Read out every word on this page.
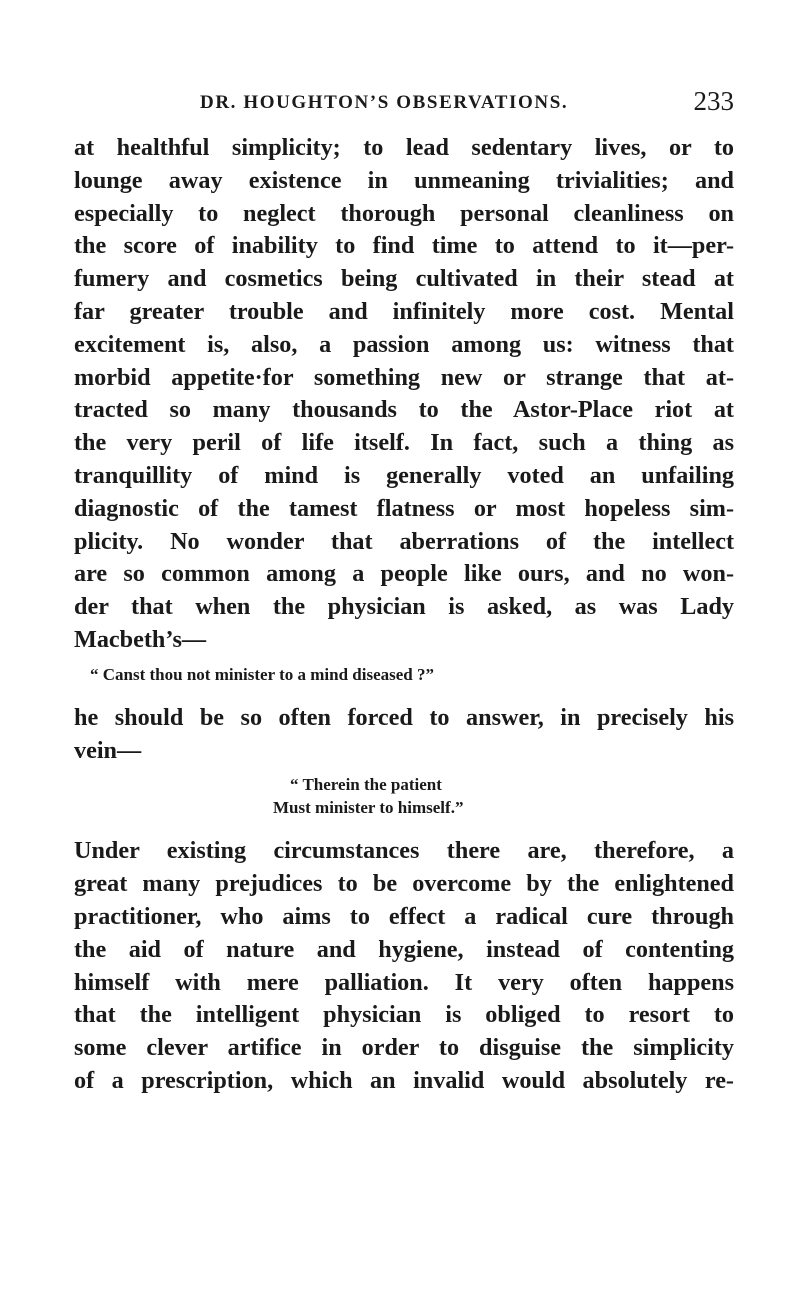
DR. HOUGHTON’S OBSERVATIONS.	233
at healthful simplicity; to lead sedentary lives, or to
lounge away existence in unmeaning trivialities; and
especially to neglect thorough personal cleanliness on
the score of inability to find time to attend to it—per-
fumery and cosmetics being cultivated in their stead at
far greater trouble and infinitely more cost. Mental
excitement is, also, a passion among us: witness that
morbid appetite·for something new or strange that at-
tracted so many thousands to the Astor-Place riot at
the very peril of life itself. In fact, such a thing as
tranquillity of mind is generally voted an unfailing
diagnostic of the tamest flatness or most hopeless sim-
plicity. No wonder that aberrations of the intellect
are so common among a people like ours, and no won-
der that when the physician is asked, as was Lady
Macbeth’s—
“ Canst thou not minister to a mind diseased ?”
he should be so often forced to answer, in precisely his
vein—
“ Therein the patient
Must minister to himself.”
Under existing circumstances there are, therefore, a
great many prejudices to be overcome by the enlightened
practitioner, who aims to effect a radical cure through
the aid of nature and hygiene, instead of contenting
himself with mere palliation. It very often happens
that the intelligent physician is obliged to resort to
some clever artifice in order to disguise the simplicity
of a prescription, which an invalid would absolutely re-
